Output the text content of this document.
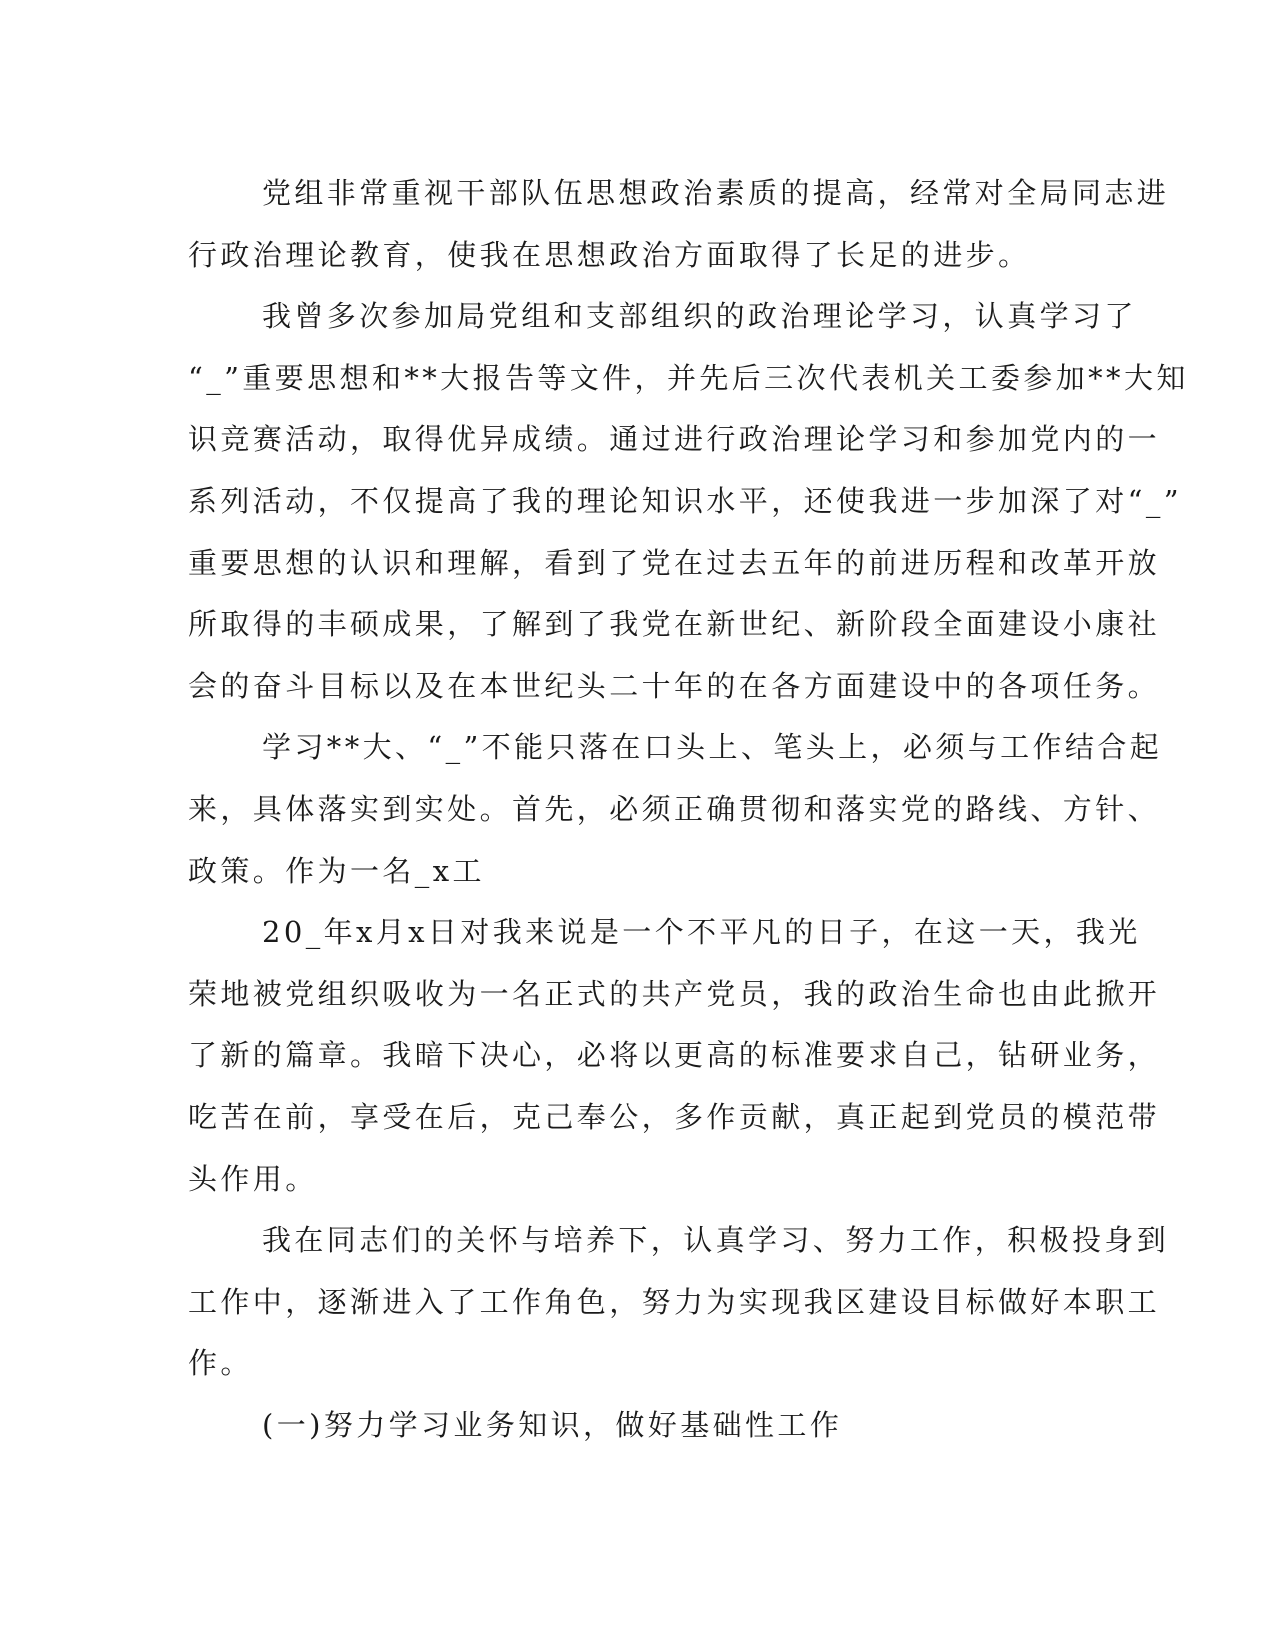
党组非常重视干部队伍思想政治素质的提高，经常对全局同志进
行政治理论教育，使我在思想政治方面取得了长足的进步。
我曾多次参加局党组和支部组织的政治理论学习，认真学习了
“_”重要思想和**大报告等文件，并先后三次代表机关工委参加**大知
识竞赛活动，取得优异成绩。通过进行政治理论学习和参加党内的一
系列活动，不仅提高了我的理论知识水平，还使我进一步加深了对“_”
重要思想的认识和理解，看到了党在过去五年的前进历程和改革开放
所取得的丰硕成果，了解到了我党在新世纪、新阶段全面建设小康社
会的奋斗目标以及在本世纪头二十年的在各方面建设中的各项任务。
学习**大、“_”不能只落在口头上、笔头上，必须与工作结合起
来，具体落实到实处。首先，必须正确贯彻和落实党的路线、方针、
政策。作为一名_x工
20_年x月x日对我来说是一个不平凡的日子，在这一天，我光
荣地被党组织吸收为一名正式的共产党员，我的政治生命也由此掀开
了新的篇章。我暗下决心，必将以更高的标准要求自己，钻研业务，
吃苦在前，享受在后，克己奉公，多作贡献，真正起到党员的模范带
头作用。
我在同志们的关怀与培养下，认真学习、努力工作，积极投身到
工作中，逐渐进入了工作角色，努力为实现我区建设目标做好本职工
作。
(一)努力学习业务知识，做好基础性工作
